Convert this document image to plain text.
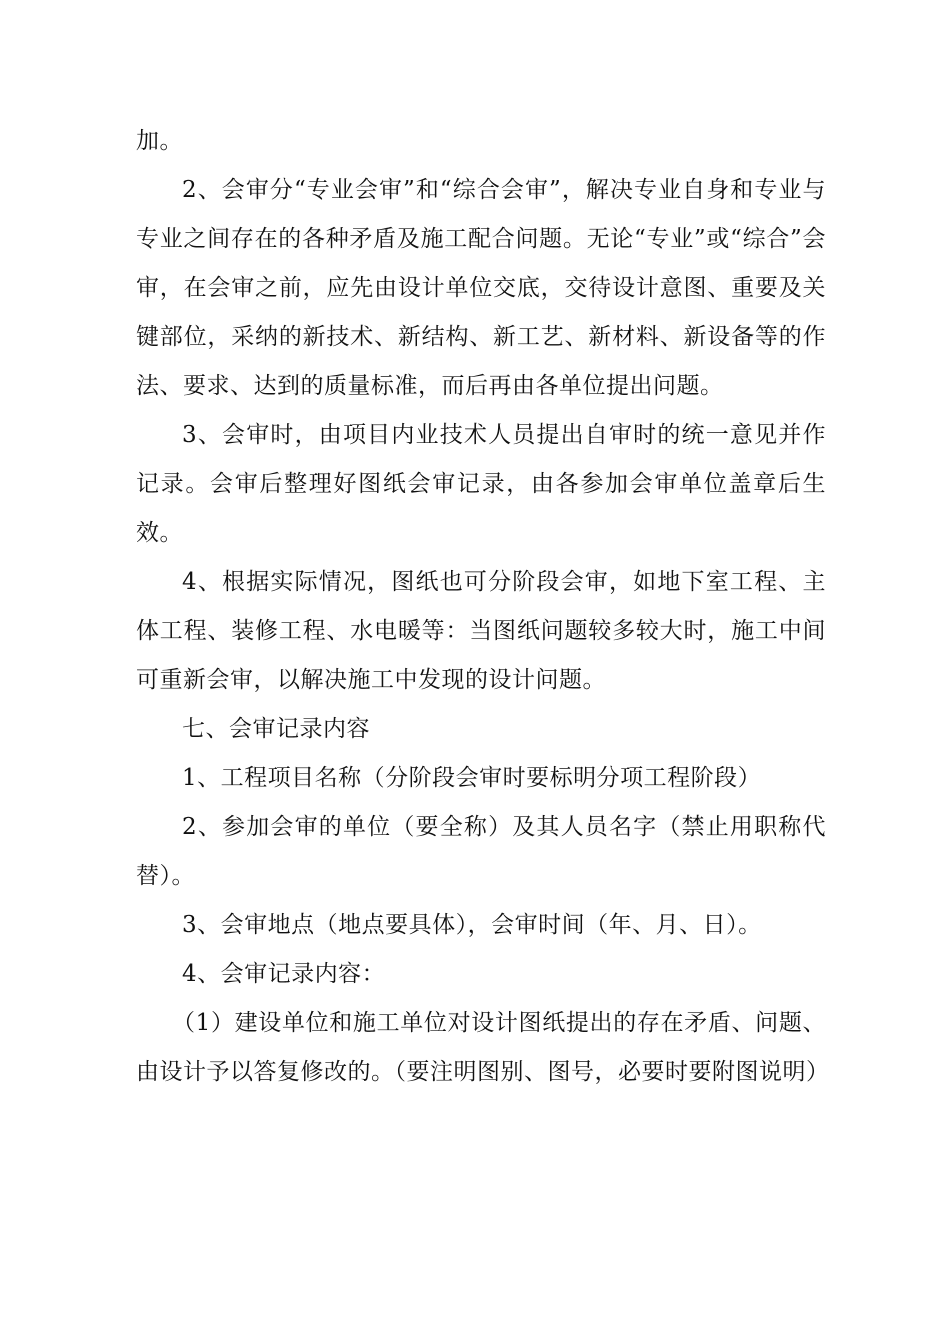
加。

2、会审分“专业会审”和“综合会审”，解决专业自身和专业与专业之间存在的各种矛盾及施工配合问题。无论“专业”或“综合”会审，在会审之前，应先由设计单位交底，交待设计意图、重要及关键部位，采纳的新技术、新结构、新工艺、新材料、新设备等的作法、要求、达到的质量标准，而后再由各单位提出问题。

3、会审时，由项目内业技术人员提出自审时的统一意见并作记录。会审后整理好图纸会审记录，由各参加会审单位盖章后生效。

4、根据实际情况，图纸也可分阶段会审，如地下室工程、主体工程、装修工程、水电暖等：当图纸问题较多较大时，施工中间可重新会审，以解决施工中发现的设计问题。

七、会审记录内容

1、工程项目名称（分阶段会审时要标明分项工程阶段）

2、参加会审的单位（要全称）及其人员名字（禁止用职称代替）。

3、会审地点（地点要具体），会审时间（年、月、日）。

4、会审记录内容：

（1）建设单位和施工单位对设计图纸提出的存在矛盾、问题、由设计予以答复修改的。（要注明图别、图号，必要时要附图说明）
